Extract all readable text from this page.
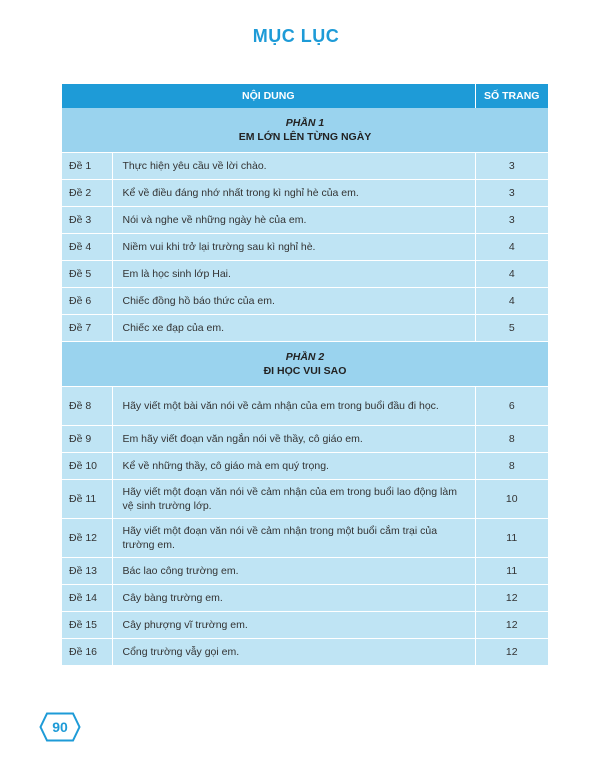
MỤC LỤC
NỘI DUNG		SỐ TRANG

PHẦN 1
EM LỚN LÊN TỪNG NGÀY		

Đề 1	Thực hiện yêu cầu về lời chào.	3
Đề 2	Kể về điều đáng nhớ nhất trong kì nghỉ hè của em.	3
Đề 3	Nói và nghe về những ngày hè của em.	3
Đề 4	Niềm vui khi trở lại trường sau kì nghỉ hè.	4
Đề 5	Em là học sinh lớp Hai.	4
Đề 6	Chiếc đồng hồ báo thức của em.	4
Đề 7	Chiếc xe đạp của em.	5

PHẦN 2
ĐI HỌC VUI SAO		

Đề 8	Hãy viết một bài văn nói về cảm nhận của em trong buổi đầu đi học.	6
Đề 9	Em hãy viết đoạn văn ngắn nói về thầy, cô giáo em.	8
Đề 10	Kể về những thầy, cô giáo mà em quý trọng.	8
Đề 11	Hãy viết một đoạn văn nói về cảm nhận của em trong buổi lao động làm vệ sinh trường lớp.	10
Đề 12	Hãy viết một đoạn văn nói về cảm nhận trong một buổi cắm trại của trường em.	11
Đề 13	Bác lao công trường em.	11
Đề 14	Cây bàng trường em.	12
Đề 15	Cây phượng vĩ trường em.	12
Đề 16	Cổng trường vẫy gọi em.	12
90
